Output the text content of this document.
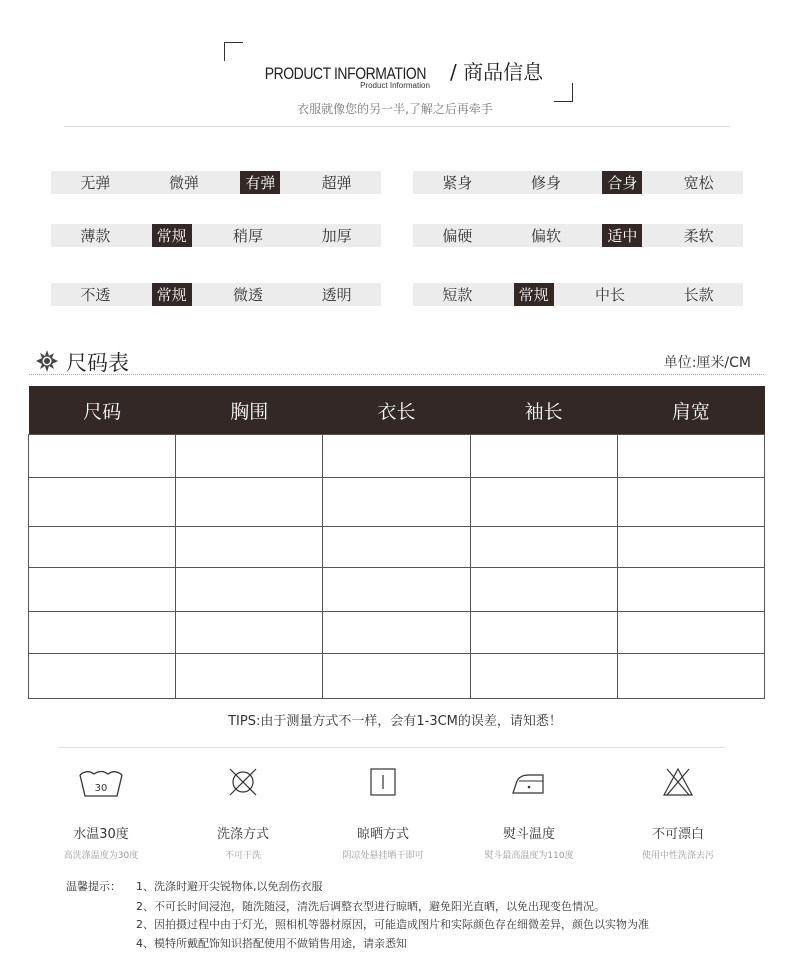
PRODUCT INFORMATION / 商品信息
Product Information
衣服就像您的另一半,了解之后再牵手
无弹	微弹	有弹	超弹	紧身	修身	合身	宽松
薄款	常规	稍厚	加厚	偏硬	偏软	适中	柔软
不透	常规	微透	透明	短款	常规	中长	长款
尺码表	单位:厘米/CM
尺码	胸围	衣长	袖长	肩宽

TIPS:由于测量方式不一样，会有1-3CM的误差，请知悉！
30
水温30度
高洗涤温度为30度
洗涤方式
不可干洗
晾晒方式
阴凉处悬挂晒干即可
熨斗温度
熨斗最高温度为110度
不可漂白
使用中性洗涤去污
温馨提示： 1、洗涤时避开尖锐物体,以免刮伤衣服
2、不可长时间浸泡，随洗随浸，清洗后调整衣型进行晾晒，避免阳光直晒，以免出现变色情况。
2、因拍摄过程中由于灯光，照相机等器材原因，可能造成图片和实际颜色存在细微差异，颜色以实物为准
4、模特所戴配饰知识搭配使用不做销售用途，请亲悉知
